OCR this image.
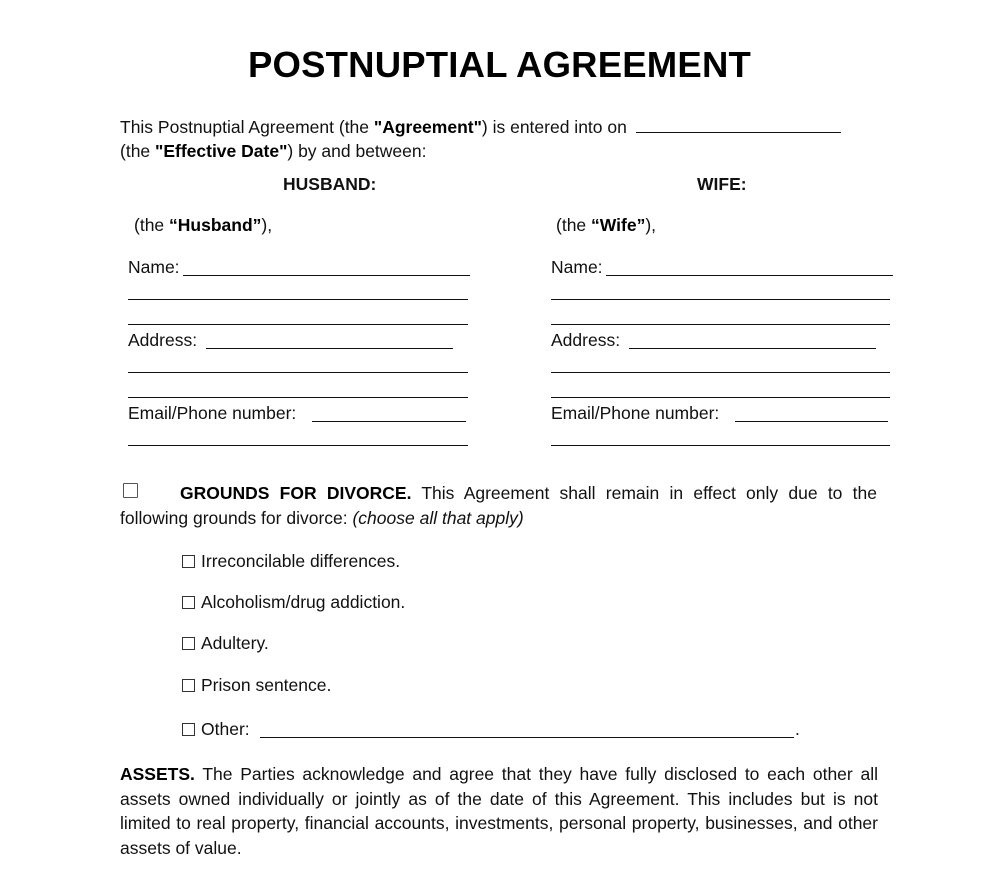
POSTNUPTIAL AGREEMENT
This Postnuptial Agreement (the "Agreement") is entered into on
(the "Effective Date") by and between:
HUSBAND:
(the “Husband”),
Name:
Address:
Email/Phone number:
WIFE:
(the “Wife”),
Name:
Address:
Email/Phone number:
GROUNDS FOR DIVORCE. This Agreement shall remain in effect only due to the following grounds for divorce: (choose all that apply)
Irreconcilable differences.
Alcoholism/drug addiction.
Adultery.
Prison sentence.
Other:	.
ASSETS. The Parties acknowledge and agree that they have fully disclosed to each other all assets owned individually or jointly as of the date of this Agreement. This includes but is not limited to real property, financial accounts, investments, personal property, businesses, and other assets of value.
